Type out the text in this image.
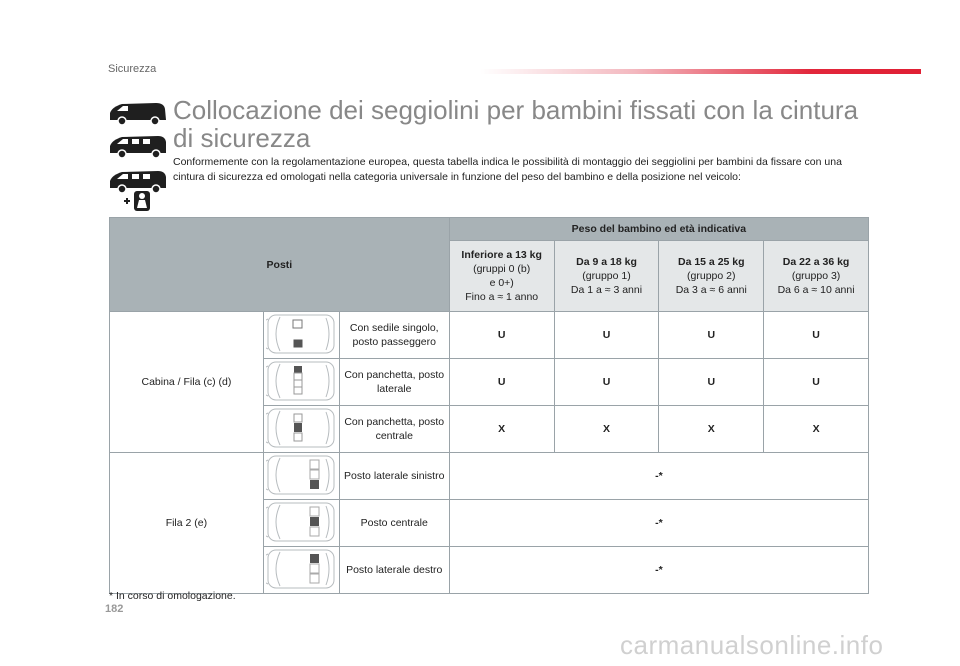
Sicurezza
Collocazione dei seggiolini per bambini fissati con la cintura di sicurezza

Conformemente con la regolamentazione europea, questa tabella indica le possibilità di montaggio dei seggiolini per bambini da fissare con una cintura di sicurezza ed omologati nella categoria universale in funzione del peso del bambino e della posizione nel veicolo:

Posti			Peso del bambino ed età indicativa			
			Inferiore a 13 kg
(gruppi 0 (b)
e 0+)
Fino a ≈ 1 anno	Da 9 a 18 kg
(gruppo 1)
Da 1 a ≈ 3 anni	Da 15 a 25 kg
(gruppo 2)
Da 3 a ≈ 6 anni	Da 22 a 36 kg
(gruppo 3)
Da 6 a ≈ 10 anni
Cabina / Fila (c) (d)		Con sedile singolo, posto passeggero	U	U	U	U
	Con panchetta, posto laterale	U	U	U	U
	Con panchetta, posto centrale	X	X	X	X
Fila 2 (e)		Posto laterale sinistro	-*			
	Posto centrale	-*			
	Posto laterale destro	-*			
* In corso di omologazione.
182
carmanualsonline.info
